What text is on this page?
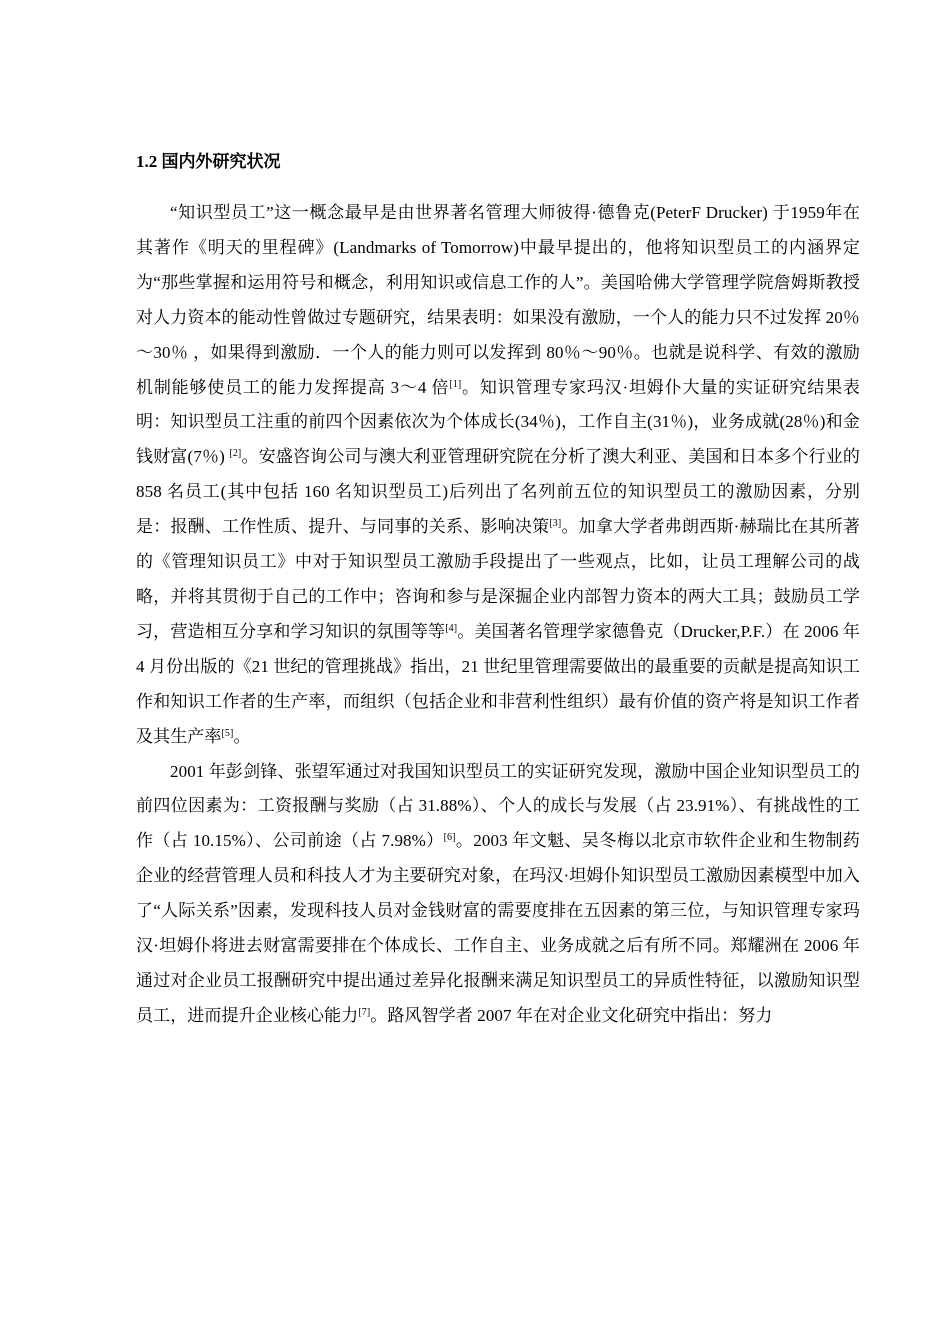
1.2 国内外研究状况

“知识型员工”这一概念最早是由世界著名管理大师彼得·德鲁克(PeterF Drucker) 于1959年在其著作《明天的里程碑》(Landmarks of Tomorrow)中最早提出的，他将知识型员工的内涵界定为“那些掌握和运用符号和概念，利用知识或信息工作的人”。美国哈佛大学管理学院詹姆斯教授对人力资本的能动性曾做过专题研究，结果表明：如果没有激励，一个人的能力只不过发挥 20％～30％ ，如果得到激励．一个人的能力则可以发挥到 80％～90％。也就是说科学、有效的激励机制能够使员工的能力发挥提高 3～4 倍[1]。知识管理专家玛汉·坦姆仆大量的实证研究结果表明：知识型员工注重的前四个因素依次为个体成长(34％)，工作自主(31％)，业务成就(28％)和金钱财富(7％) [2]。安盛咨询公司与澳大利亚管理研究院在分析了澳大利亚、美国和日本多个行业的 858 名员工(其中包括 160 名知识型员工)后列出了名列前五位的知识型员工的激励因素，分别是：报酬、工作性质、提升、与同事的关系、影响决策[3]。加拿大学者弗朗西斯·赫瑞比在其所著的《管理知识员工》中对于知识型员工激励手段提出了一些观点，比如，让员工理解公司的战略，并将其贯彻于自己的工作中；咨询和参与是深掘企业内部智力资本的两大工具；鼓励员工学习，营造相互分享和学习知识的氛围等等[4]。美国著名管理学家德鲁克（Drucker,P.F.）在 2006 年 4 月份出版的《21 世纪的管理挑战》指出，21 世纪里管理需要做出的最重要的贡献是提高知识工作和知识工作者的生产率，而组织（包括企业和非营利性组织）最有价值的资产将是知识工作者及其生产率[5]。

2001 年彭剑锋、张望军通过对我国知识型员工的实证研究发现，激励中国企业知识型员工的前四位因素为：工资报酬与奖励（占 31.88%）、个人的成长与发展（占 23.91%）、有挑战性的工作（占 10.15%）、公司前途（占 7.98%）[6]。2003 年文魁、吴冬梅以北京市软件企业和生物制药企业的经营管理人员和科技人才为主要研究对象，在玛汉·坦姆仆知识型员工激励因素模型中加入了“人际关系”因素，发现科技人员对金钱财富的需要度排在五因素的第三位，与知识管理专家玛汉·坦姆仆将进去财富需要排在个体成长、工作自主、业务成就之后有所不同。郑耀洲在 2006 年通过对企业员工报酬研究中提出通过差异化报酬来满足知识型员工的异质性特征，以激励知识型员工，进而提升企业核心能力[7]。路风智学者 2007 年在对企业文化研究中指出：努力
